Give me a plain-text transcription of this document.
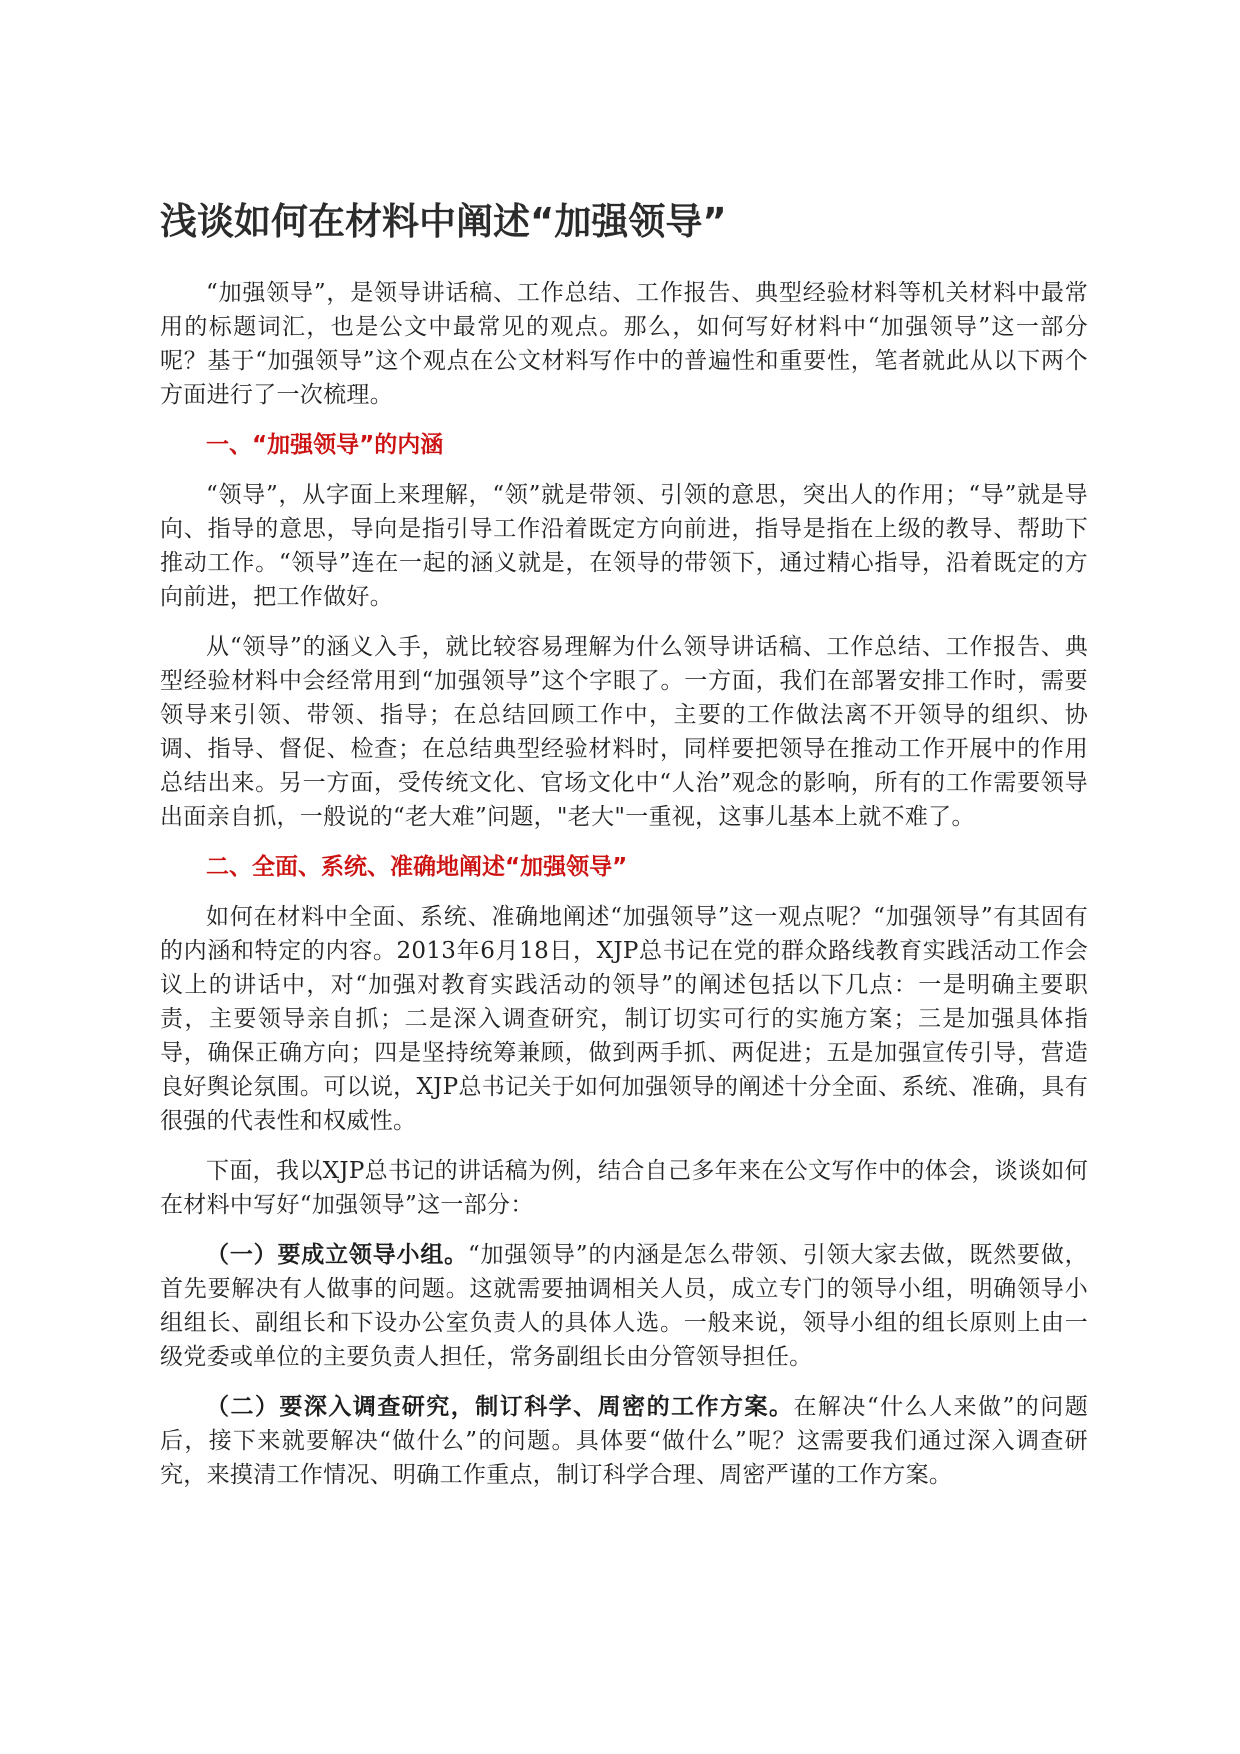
浅谈如何在材料中阐述“加强领导”

“加强领导”，是领导讲话稿、工作总结、工作报告、典型经验材料等机关材料中最常用的标题词汇，也是公文中最常见的观点。那么，如何写好材料中“加强领导”这一部分呢？基于“加强领导”这个观点在公文材料写作中的普遍性和重要性，笔者就此从以下两个方面进行了一次梳理。

一、“加强领导”的内涵

“领导”，从字面上来理解，“领”就是带领、引领的意思，突出人的作用；“导”就是导向、指导的意思，导向是指引导工作沿着既定方向前进，指导是指在上级的教导、帮助下推动工作。“领导”连在一起的涵义就是，在领导的带领下，通过精心指导，沿着既定的方向前进，把工作做好。

从“领导”的涵义入手，就比较容易理解为什么领导讲话稿、工作总结、工作报告、典型经验材料中会经常用到“加强领导”这个字眼了。一方面，我们在部署安排工作时，需要领导来引领、带领、指导；在总结回顾工作中，主要的工作做法离不开领导的组织、协调、指导、督促、检查；在总结典型经验材料时，同样要把领导在推动工作开展中的作用总结出来。另一方面，受传统文化、官场文化中“人治”观念的影响，所有的工作需要领导出面亲自抓，一般说的“老大难”问题，"老大"一重视，这事儿基本上就不难了。

二、全面、系统、准确地阐述“加强领导”

如何在材料中全面、系统、准确地阐述“加强领导”这一观点呢？“加强领导”有其固有的内涵和特定的内容。2013年6月18日，XJP总书记在党的群众路线教育实践活动工作会议上的讲话中，对“加强对教育实践活动的领导”的阐述包括以下几点：一是明确主要职责，主要领导亲自抓；二是深入调查研究，制订切实可行的实施方案；三是加强具体指导，确保正确方向；四是坚持统筹兼顾，做到两手抓、两促进；五是加强宣传引导，营造良好舆论氛围。可以说，XJP总书记关于如何加强领导的阐述十分全面、系统、准确，具有很强的代表性和权威性。

下面，我以XJP总书记的讲话稿为例，结合自己多年来在公文写作中的体会，谈谈如何在材料中写好“加强领导”这一部分：

（一）要成立领导小组。“加强领导”的内涵是怎么带领、引领大家去做，既然要做，首先要解决有人做事的问题。这就需要抽调相关人员，成立专门的领导小组，明确领导小组组长、副组长和下设办公室负责人的具体人选。一般来说，领导小组的组长原则上由一级党委或单位的主要负责人担任，常务副组长由分管领导担任。

（二）要深入调查研究，制订科学、周密的工作方案。在解决“什么人来做”的问题后，接下来就要解决“做什么”的问题。具体要“做什么”呢？这需要我们通过深入调查研究，来摸清工作情况、明确工作重点，制订科学合理、周密严谨的工作方案。
